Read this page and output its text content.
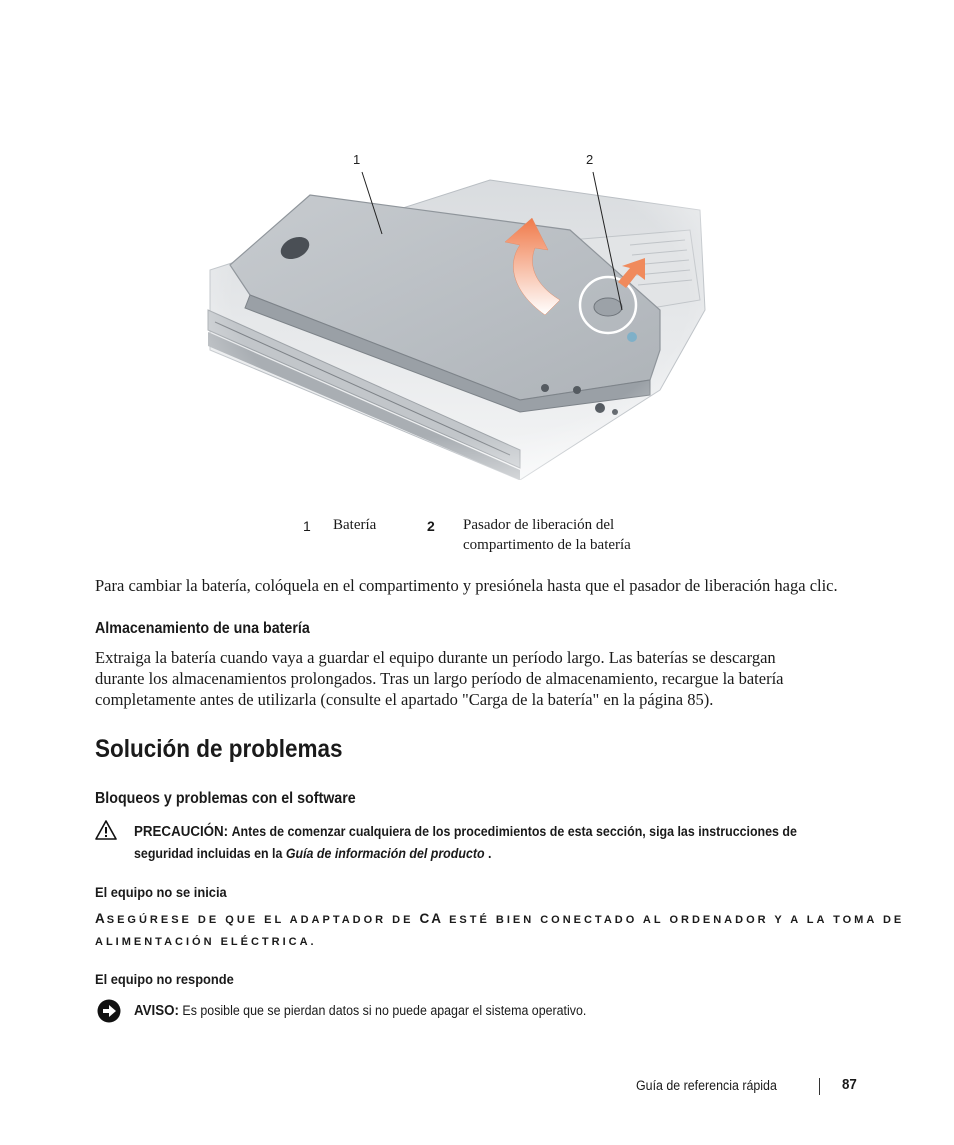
1	2
1 Batería	2 Pasador de liberación del
compartimento de la batería
Para cambiar la batería, colóquela en el compartimento y presiónela hasta que el pasador de liberación haga clic.
Almacenamiento de una batería
Extraiga la batería cuando vaya a guardar el equipo durante un período largo. Las baterías se descargan
durante los almacenamientos prolongados. Tras un largo período de almacenamiento, recargue la batería
completamente antes de utilizarla (consulte el apartado "Carga de la batería" en la página 85).
Solución de problemas
Bloqueos y problemas con el software
PRECAUCIÓN: Antes de comenzar cualquiera de los procedimientos de esta sección, siga las instrucciones de
seguridad incluidas en la Guía de información del producto .
El equipo no se inicia
ASEGÚRESE DE QUE EL ADAPTADOR DE CA ESTÉ BIEN CONECTADO AL ORDENADOR Y A LA TOMA DE
ALIMENTACIÓN ELÉCTRICA.
El equipo no responde
AVISO: Es posible que se pierdan datos si no puede apagar el sistema operativo.
Guía de referencia rápida	87
